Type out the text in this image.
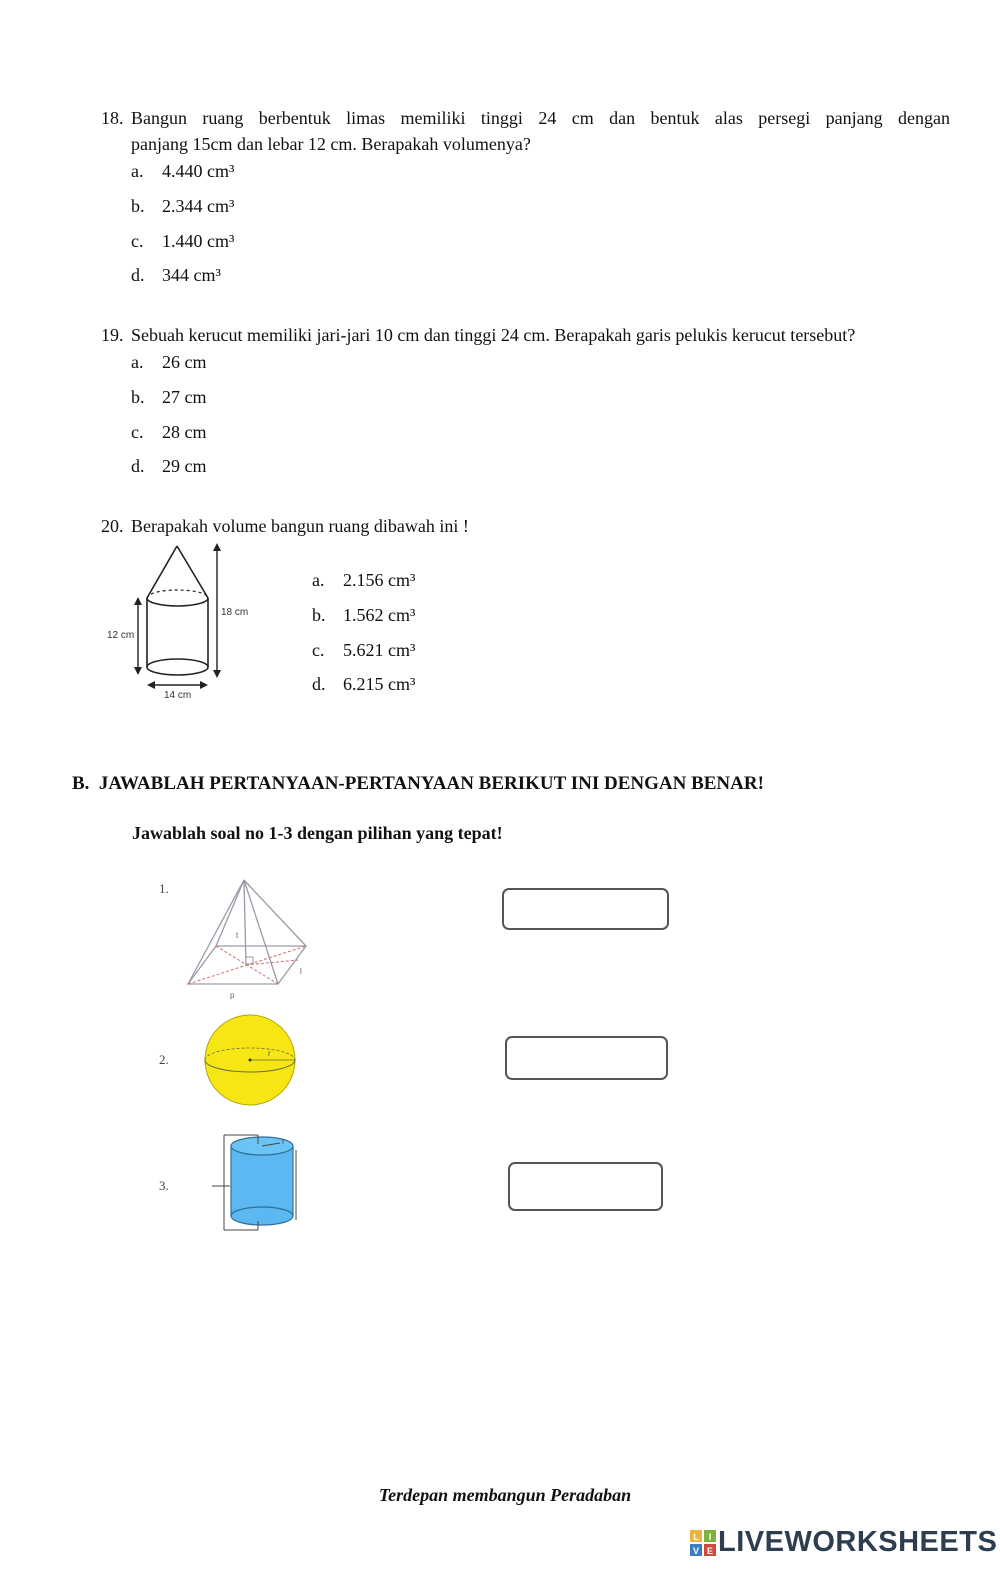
18. Bangun ruang berbentuk limas memiliki tinggi 24 cm dan bentuk alas persegi panjang dengan
panjang 15cm dan lebar 12 cm. Berapakah volumenya?
a. 4.440 cm³
b. 2.344 cm³
c. 1.440 cm³
d. 344 cm³
19. Sebuah kerucut memiliki jari-jari 10 cm dan tinggi 24 cm. Berapakah garis pelukis kerucut tersebut?
a. 26 cm
b. 27 cm
c. 28 cm
d. 29 cm
20. Berapakah volume bangun ruang dibawah ini !
18 cm
12 cm
14 cm
a. 2.156 cm³
b. 1.562 cm³
c. 5.621 cm³
d. 6.215 cm³
B.  JAWABLAH PERTANYAAN-PERTANYAAN BERIKUT INI DENGAN BENAR!
Jawablah soal no 1-3 dengan pilihan yang tepat!
1.
t
l
p
2.	r
3.
r
Terdepan membangun Peradaban
L I
V E LIVEWORKSHEETS
